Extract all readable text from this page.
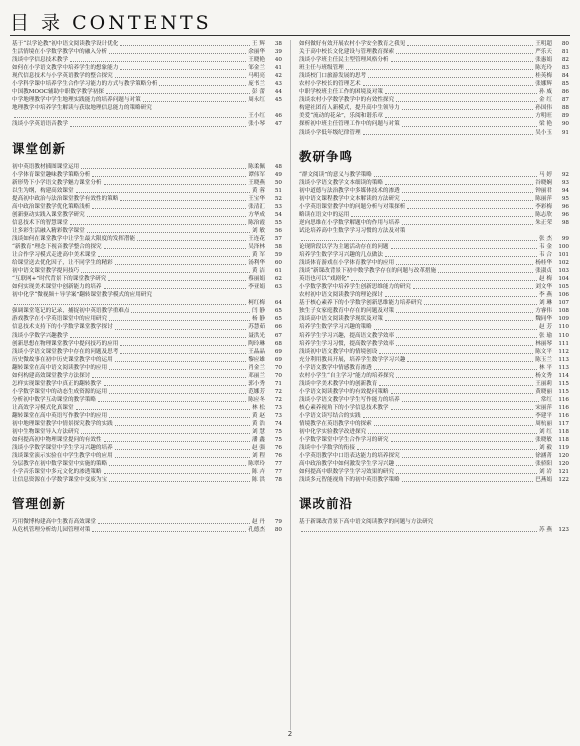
目 录 CONTENTS
基于“以学论教”初中语文阅读教学设计优化	王 辉	38
生活情境在小学数学教学中的融入分析	余丽华	39
浅谈中学信息技术教学	王晓艳	40
如何在小学语文教学中培养学生的想象能力	邹金兰	41
现代信息技术与小学英语教学的整合探究	马明亮	42
小学科学课中培养学生合作学习能力的方式与教学策略分析	庞书兰	43
中国教MOOC辅助中职数学教学初探	彭 蕾	44
中学地理教学中学生地理实践能力的培养问题与对策	周永红	45
地理教学中培养学生解读与获取地理信息能力的策略研究
王小红	46
浅谈小学英语语音教学	张小琴	47
课堂创新
初中英语教材插图课堂运用	陈柔佩	48
小学体育课堂趣味教学策略分析	谭伟军	49
新形势下小学语文教学魅力课堂分析	王晓燕	50
以生为纲，构建高效课堂	黄 蓉	51
提高初中政治与法治课堂教学有效性的策略	王宝华	52
高中政治课堂教学优化策略浅析	张清汇	53
创新驱动实践入课堂教学研究	方华成	54
信息技术下的智慧课堂	陈治霞	55
让多彩生活融入精彩数学课堂	刘 敏	56
浅谈如何在课堂教学中让学生最大限度的发挥潜能	王连花	57
“新教育”理念下视音教学整合的探究	吴泽林	58
让合作学习模式走进高中美术课堂	黄 军	59
给课堂送去优化因子，让不同学生的精彩	汤利华	60
初中语文课堂教学提问技巧	黄 洁	61
“互联网+”时代背景下的课堂教学研究	蔡丽娟	62
如何实现美术课堂中创新能力的培养	李亚娟	63
初中化学“微视频＋导学案”翻转课堂教学模式的应用研究
柯红梅	64
强调课堂笔记的记录，捕捉初中英语教学重难点	闫 静	65
游戏教学在小学英语课堂中的应用研究	杨 静	65
信息技术支持下的小学数学课堂教学探讨	苏慧茹	66
浅谈小学数学兴趣教学	聂洪光	67
创新思想在物理课堂教学中提问技巧的应用	陶玲琳	68
浅谈小学语文课堂教学中存在的问题及思考	王晶晶	69
历史微故事在初中历史课堂教学中的运用	黎应雄	69
翻转课堂在高中语文阅读教学中的应用	肖金兰	70
如何构建高效课堂教学方法探讨	邓丽兰	70
怎样实现课堂教学中真正的翻转教学	郭小秀	71
小学数学课堂中的动态生成资源的运用	范娜芳	72
分析初中数学互动课堂的教学策略	陈应冬	72
让高效学习模式化真课堂	林 松	73
翻转课堂在高中英语写作教学中的应用	黄 赵	73
初中地理课堂教学中情景探究教学的实践	黄 浩	74
初中生物课堂导入方法研究	刘 慧	75
如何提高初中物理课堂提问的有效性	潘 鑫	75
浅谈小学数学课堂中学生学习兴趣的培养	赵 强	76
浅谈课堂演示实验在中学生教学中的应用	刘 程	76
分层教学在初中数学课堂中实施的策略	陈翠玲	77
小学音乐课堂中多元文化的渗透策略	陈 卉	77
让信息资源在小学数学课堂中变废为宝	陈 洪	78
管理创新
巧用微博构建高中生教育高效课堂	赵 丹	79
从危机管理分析幼儿园管理对策	孔德杰	80
如何做好有效开展农村小学安全教育之我见	王明超	80
关于高中校长文化建设与管理教育探索	严乐天	81
浅谈小学班主任民主型管理风格分析	张惠娟	82
班主任与班级管理	陈光玲	83
浅谈校门口旅游发展的思考	桂英梅	84
农村小学校长的管理艺术	张娜辉	85
中职学校班主任工作的困境及对策	孙 威	86
浅谈农村小学数学教学中的有效性探究	金 红	87
构建社团育人新模式，提升高中生领导力	孙国伟	88
美爱“流动的花朵”，乐阅和谐乐章	方明旺	89
探析初中班主任管理工作中的问题与对策	梁 艳	90
浅谈小学低年级纪律管理	吴小玉	91
教研争鸣
“群文阅读”的意义与教学策略	马 婷	92
浅谈小学语文教学文本细读的策略	谷晓娴	93
初中道德与法治教学中多媒体技术的渗透	钟丽君	94
初中语文课程教学中文本解读的方法研究	陈丽萍	95
小学英语课堂教学中的问题分析与对策探析	李彩梅	96
略读在语文中的运用	陈志欣	96
逆向思维在小学数学解题中的作用与培养	朱正荣	98
试论培养高中生数学学习习惯的方法及对策
张 杰	99
论现阶段以学为主题活动存在的问题	韦 金	100
培养学生数学学习兴趣的几点做法	韦 合	101
浅谈体育游戏在小学体育教学中的应用	杨桂华	102
浅谈“新课改背景下初中数学教学存在的问题与改革措施	张淑贞	103
英语也可以“戏剧化”	赵 梅	104
小学数学教学中培养学生创新思维能力的研究	刘文华	105
农村初中语文阅读教学的理论探讨	李 燕	106
基于核心素养下的小学数学创新思维能力培养研究	刘 琳	107
独生子女家庭教育中存在的问题及对策	方睿伟	108
浅谈高中语文阅读教学现状及对策	魏同华	109
培养学生数学学习兴趣的策略	赵 芳	110
培养学生学习兴趣，提高语文教学效率	张 瑜	110
培养学生学习习惯，提高数学教学效率	林丽琴	111
浅谈初中语文教学中的情境创设	陈文平	112
充分利用教具开展，培养学生数学学习兴趣	陈玉兰	113
小学语文教学中情感教育渗透	林 平	113
农村小学生“自主学习”能力的培养探究	杨文秀	114
浅谈中学美术教学中的创新教育	王丽莉	115
小学语文阅读教学中的有效提问策略	黄晓丽	115
浅谈小学语文教学中学生写作能力的培养	常红	116
核心素养视角下的小学信息技术教学	宋丽萍	116
小学语文读写结合的实践	李建平	116
情境教学在英语教学中的探索	周杭丽	117
初中化学实验教学改进探究	刘 红	118
小学数学课堂中学生合作学习的研究	张晓敏	118
浅谈中小学数学的衔接	刘 毅	119
小学英语教学中口语表达能力的培养探究	徐涵菁	120
高中政治教学中如何激发学生学习兴趣	张骄阳	120
如何提高中职数学学生学习效果的研究	刘 岩	121
浅谈多元智能视角下的初中英语教学策略	巴燕娟	122
课改前沿
基于新课改背景下高中语文阅读教学的问题与方法研究
苏 燕	123
2
